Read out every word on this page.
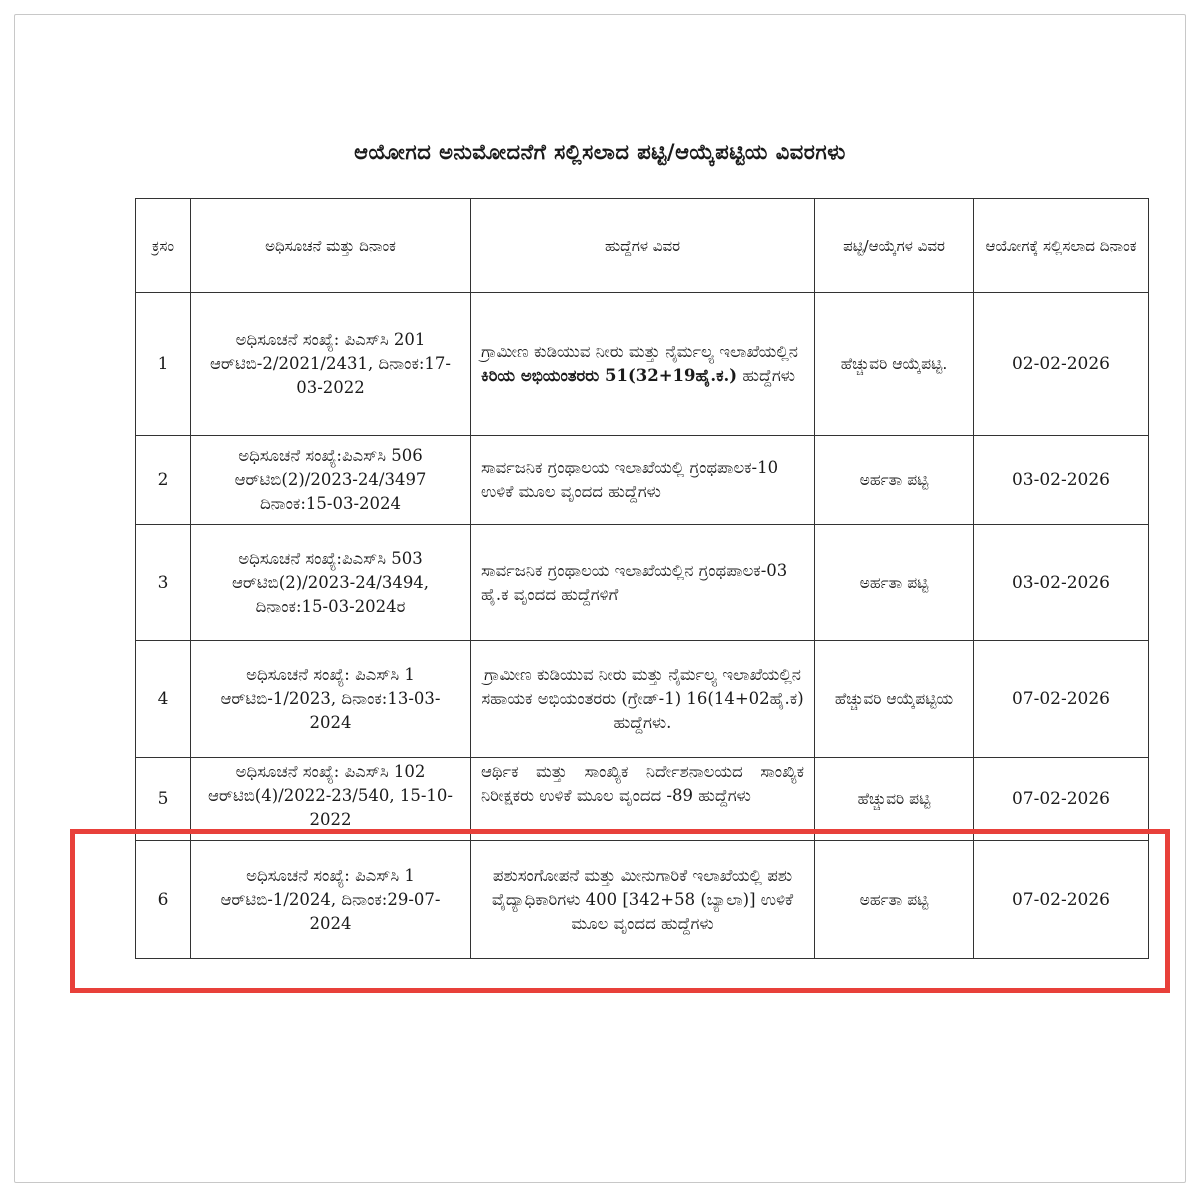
ಆಯೋಗದ ಅನುಮೋದನೆಗೆ ಸಲ್ಲಿಸಲಾದ ಪಟ್ಟಿ/ಆಯ್ಕೆಪಟ್ಟಿಯ ವಿವರಗಳು
ಕ್ರಸಂ	ಅಧಿಸೂಚನೆ ಮತ್ತು ದಿನಾಂಕ	ಹುದ್ದೆಗಳ ವಿವರ	ಪಟ್ಟಿ/ಆಯ್ಕೆಗಳ ವಿವರ	ಆಯೋಗಕ್ಕೆ ಸಲ್ಲಿಸಲಾದ ದಿನಾಂಕ
1	ಅಧಿಸೂಚನೆ ಸಂಖ್ಯೆ: ಪಿಎಸ್‌ಸಿ 201 ಆರ್‌ಟಿಬಿ-2/2021/2431, ದಿನಾಂಕ:17-03-2022	ಗ್ರಾಮೀಣ ಕುಡಿಯುವ ನೀರು ಮತ್ತು ನೈರ್ಮಲ್ಯ ಇಲಾಖೆಯಲ್ಲಿನ ಕಿರಿಯ ಅಭಿಯಂತರರು 51(32+19ಹೈ.ಕ.) ಹುದ್ದೆಗಳು	ಹೆಚ್ಚುವರಿ ಆಯ್ಕೆಪಟ್ಟಿ.	02-02-2026
2	ಅಧಿಸೂಚನೆ ಸಂಖ್ಯೆ:ಪಿಎಸ್‌ಸಿ 506 ಆರ್‌ಟಿಬಿ(2)/2023-24/3497 ದಿನಾಂಕ:15-03-2024	ಸಾರ್ವಜನಿಕ ಗ್ರಂಥಾಲಯ ಇಲಾಖೆಯಲ್ಲಿ ಗ್ರಂಥಪಾಲಕ-10 ಉಳಿಕೆ ಮೂಲ ವೃಂದದ ಹುದ್ದೆಗಳು	ಅರ್ಹತಾ ಪಟ್ಟಿ	03-02-2026
3	ಅಧಿಸೂಚನೆ ಸಂಖ್ಯೆ:ಪಿಎಸ್‌ಸಿ 503 ಆರ್‌ಟಿಬಿ(2)/2023-24/3494, ದಿನಾಂಕ:15-03-2024ರ	ಸಾರ್ವಜನಿಕ ಗ್ರಂಥಾಲಯ ಇಲಾಖೆಯಲ್ಲಿನ ಗ್ರಂಥಪಾಲಕ-03 ಹೈ.ಕ ವೃಂದದ ಹುದ್ದೆಗಳಿಗೆ	ಅರ್ಹತಾ ಪಟ್ಟಿ	03-02-2026
4	ಅಧಿಸೂಚನೆ ಸಂಖ್ಯೆ: ಪಿಎಸ್‌ಸಿ 1 ಆರ್‌ಟಿಬಿ-1/2023, ದಿನಾಂಕ:13-03-2024	ಗ್ರಾಮೀಣ ಕುಡಿಯುವ ನೀರು ಮತ್ತು ನೈರ್ಮಲ್ಯ ಇಲಾಖೆಯಲ್ಲಿನ ಸಹಾಯಕ ಅಭಿಯಂತರರು (ಗ್ರೇಡ್-1) 16(14+02ಹೈ.ಕ) ಹುದ್ದೆಗಳು.	ಹೆಚ್ಚುವರಿ ಆಯ್ಕೆಪಟ್ಟಿಯ	07-02-2026
5	ಅಧಿಸೂಚನೆ ಸಂಖ್ಯೆ: ಪಿಎಸ್‌ಸಿ 102 ಆರ್‌ಟಿಬಿ(4)/2022-23/540, 15-10-2022	ಆರ್ಥಿಕ ಮತ್ತು ಸಾಂಖ್ಯಿಕ ನಿರ್ದೇಶನಾಲಯದ ಸಾಂಖ್ಯಿಕ ನಿರೀಕ್ಷಕರು ಉಳಿಕೆ ಮೂಲ ವೃಂದದ -89 ಹುದ್ದೆಗಳು	ಹೆಚ್ಚುವರಿ ಪಟ್ಟಿ	07-02-2026
6	ಅಧಿಸೂಚನೆ ಸಂಖ್ಯೆ: ಪಿಎಸ್‌ಸಿ 1 ಆರ್‌ಟಿಬಿ-1/2024, ದಿನಾಂಕ:29-07-2024	ಪಶುಸಂಗೋಪನೆ ಮತ್ತು ಮೀನುಗಾರಿಕೆ ಇಲಾಖೆಯಲ್ಲಿ ಪಶು ವೈದ್ಯಾಧಿಕಾರಿಗಳು 400 [342+58 (ಬ್ಯಾಲಾ)] ಉಳಿಕೆ ಮೂಲ ವೃಂದದ ಹುದ್ದೆಗಳು	ಅರ್ಹತಾ ಪಟ್ಟಿ	07-02-2026
